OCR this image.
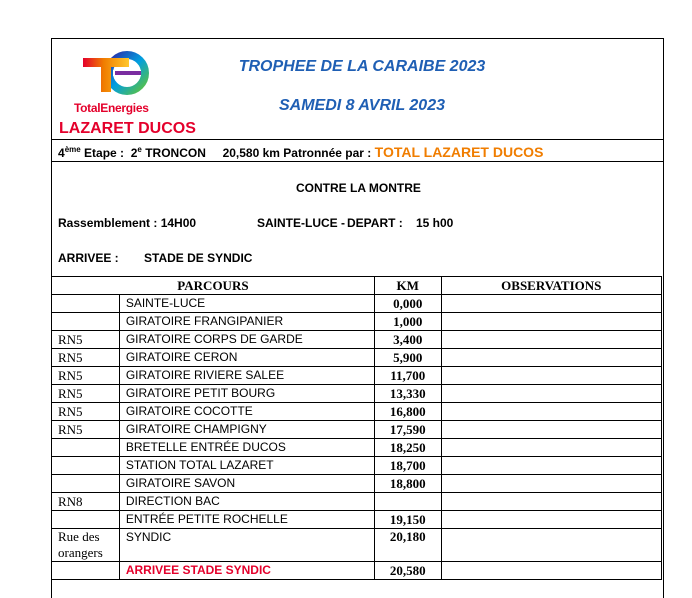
TotalEnergies
TROPHEE DE LA CARAIBE 2023
SAMEDI 8 AVRIL 2023
LAZARET DUCOS
4ème Etape : 2e TRONCON 20,580 km Patronnée par : TOTAL LAZARET DUCOS
CONTRE LA MONTRE
Rassemblement : 14H00	SAINTE-LUCE - DEPART : 15 h00
ARRIVEE : STADE DE SYNDIC
PARCOURS		KM	OBSERVATIONS
	SAINTE-LUCE	0,000	
	GIRATOIRE FRANGIPANIER	1,000	
RN5	GIRATOIRE CORPS DE GARDE	3,400	
RN5	GIRATOIRE CERON	5,900	
RN5	GIRATOIRE RIVIERE SALEE	11,700	
RN5	GIRATOIRE PETIT BOURG	13,330	
RN5	GIRATOIRE COCOTTE	16,800	
RN5	GIRATOIRE CHAMPIGNY	17,590	
	BRETELLE ENTRÉE DUCOS	18,250	
	STATION TOTAL LAZARET	18,700	
	GIRATOIRE SAVON	18,800	
RN8	DIRECTION BAC		
	ENTRÉE PETITE ROCHELLE	19,150	
Rue des orangers	SYNDIC	20,180	
	ARRIVEE STADE SYNDIC	20,580	
